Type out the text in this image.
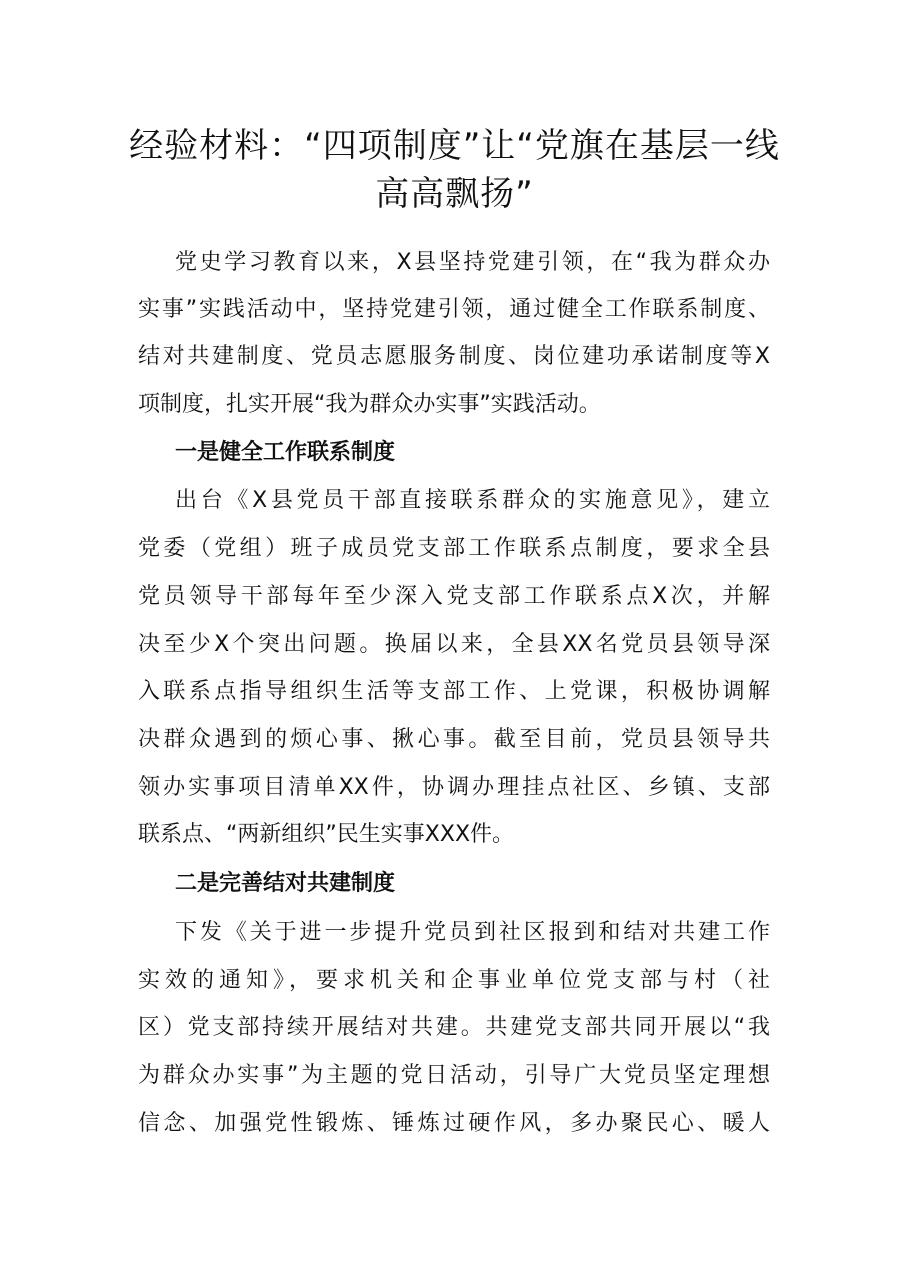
经验材料：“四项制度”让“党旗在基层一线
高高飘扬”

党史学习教育以来，X县坚持党建引领，在“我为群众办

实事”实践活动中，坚持党建引领，通过健全工作联系制度、

结对共建制度、党员志愿服务制度、岗位建功承诺制度等X

项制度，扎实开展“我为群众办实事”实践活动。

一是健全工作联系制度

出台《X县党员干部直接联系群众的实施意见》，建立

党委（党组）班子成员党支部工作联系点制度，要求全县

党员领导干部每年至少深入党支部工作联系点X次，并解

决至少X个突出问题。换届以来，全县XX名党员县领导深

入联系点指导组织生活等支部工作、上党课，积极协调解

决群众遇到的烦心事、揪心事。截至目前，党员县领导共

领办实事项目清单XX件，协调办理挂点社区、乡镇、支部

联系点、“两新组织”民生实事XXX件。

二是完善结对共建制度

下发《关于进一步提升党员到社区报到和结对共建工作

实效的通知》，要求机关和企事业单位党支部与村（社

区）党支部持续开展结对共建。共建党支部共同开展以“我

为群众办实事”为主题的党日活动，引导广大党员坚定理想

信念、加强党性锻炼、锤炼过硬作风，多办聚民心、暖人
